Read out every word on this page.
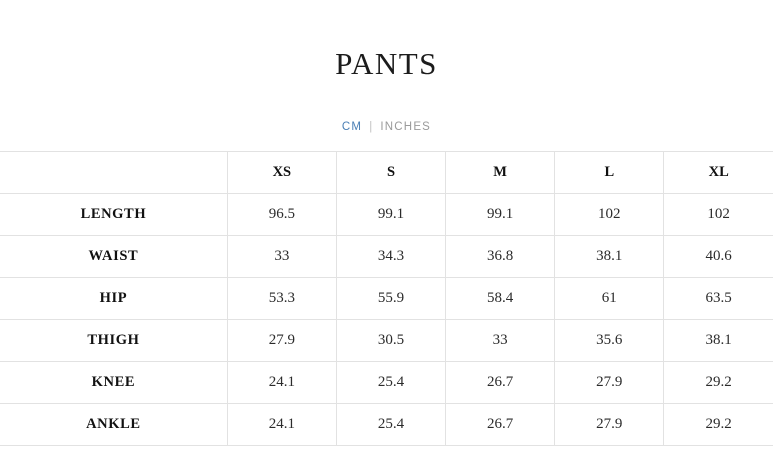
PANTS
CM | INCHES
	XS	S	M	L	XL
LENGTH	96.5	99.1	99.1	102	102
WAIST	33	34.3	36.8	38.1	40.6
HIP	53.3	55.9	58.4	61	63.5
THIGH	27.9	30.5	33	35.6	38.1
KNEE	24.1	25.4	26.7	27.9	29.2
ANKLE	24.1	25.4	26.7	27.9	29.2
